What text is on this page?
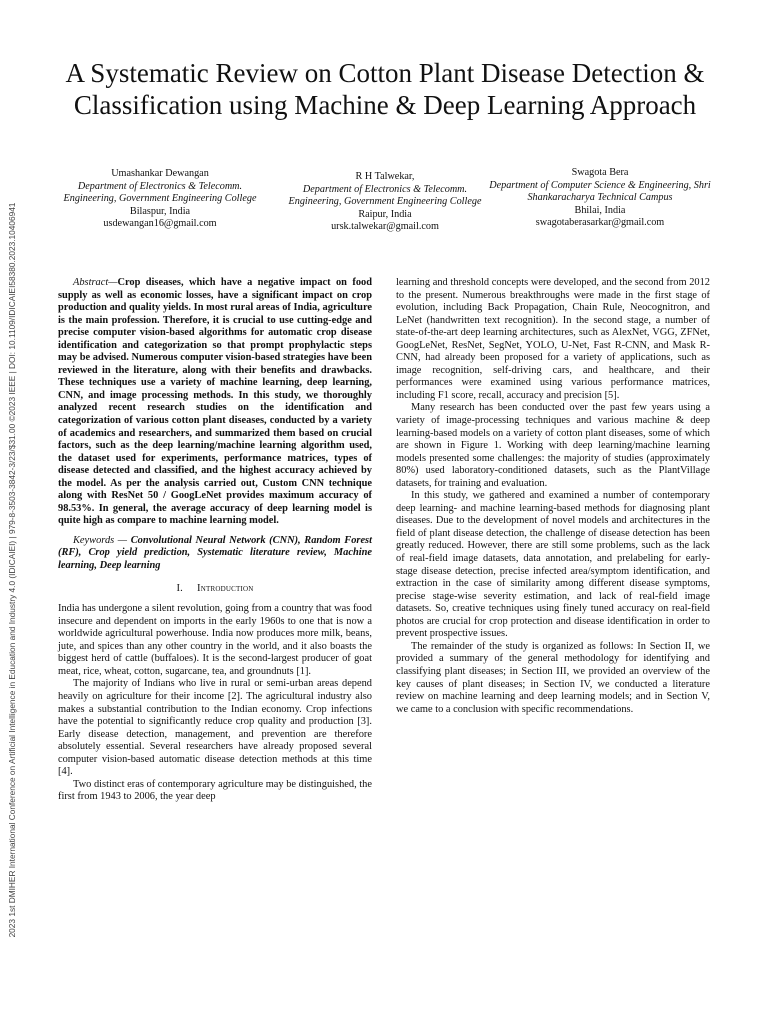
2023 1st DMIHER International Conference on Artificial Intelligence in Education and Industry 4.0 (IDICAIEI) | 979-8-3503-3842-3/23/$31.00 ©2023 IEEE | DOI: 10.1109/IDICAIEI58380.2023.10406941
A Systematic Review on Cotton Plant Disease Detection & Classification using Machine & Deep Learning Approach
Umashankar Dewangan
Department of Electronics & Telecomm. Engineering, Government Engineering College
Bilaspur, India
usdewangan16@gmail.com
R H Talwekar,
Department of Electronics & Telecomm. Engineering, Government Engineering College
Raipur, India
ursk.talwekar@gmail.com
Swagota Bera
Department of Computer Science & Engineering, Shri Shankaracharya Technical Campus
Bhilai, India
swagotaberasarkar@gmail.com

Abstract—Crop diseases, which have a negative impact on food supply as well as economic losses, have a significant impact on crop production and quality yields. In most rural areas of India, agriculture is the main profession. Therefore, it is crucial to use cutting-edge and precise computer vision-based algorithms for automatic crop disease identification and categorization so that prompt prophylactic steps may be advised. Numerous computer vision-based strategies have been reviewed in the literature, along with their benefits and drawbacks. These techniques use a variety of machine learning, deep learning, CNN, and image processing methods. In this study, we thoroughly analyzed recent research studies on the identification and categorization of various cotton plant diseases, conducted by a variety of academics and researchers, and summarized them based on crucial factors, such as the deep learning/machine learning algorithm used, the dataset used for experiments, performance matrices, types of disease detected and classified, and the highest accuracy achieved by the model. As per the analysis carried out, Custom CNN technique along with ResNet 50 / GoogLeNet provides maximum accuracy of 98.53%. In general, the average accuracy of deep learning model is quite high as compare to machine learning model.

Keywords — Convolutional Neural Network (CNN), Random Forest (RF), Crop yield prediction, Systematic literature review, Machine learning, Deep learning

I. Introduction

India has undergone a silent revolution, going from a country that was food insecure and dependent on imports in the early 1960s to one that is now a worldwide agricultural powerhouse. India now produces more milk, beans, jute, and spices than any other country in the world, and it also boasts the biggest herd of cattle (buffaloes). It is the second-largest producer of goat meat, rice, wheat, cotton, sugarcane, tea, and groundnuts [1].

The majority of Indians who live in rural or semi-urban areas depend heavily on agriculture for their income [2]. The agricultural industry also makes a substantial contribution to the Indian economy. Crop infections have the potential to significantly reduce crop quality and production [3]. Early disease detection, management, and prevention are therefore absolutely essential. Several researchers have already proposed several computer vision-based automatic disease detection methods at this time [4].

Two distinct eras of contemporary agriculture may be distinguished, the first from 1943 to 2006, the year deep

learning and threshold concepts were developed, and the second from 2012 to the present. Numerous breakthroughs were made in the first stage of evolution, including Back Propagation, Chain Rule, Neocognitron, and LeNet (handwritten text recognition). In the second stage, a number of state-of-the-art deep learning architectures, such as AlexNet, VGG, ZFNet, GoogLeNet, ResNet, SegNet, YOLO, U-Net, Fast R-CNN, and Mask R-CNN, had already been proposed for a variety of applications, such as image recognition, self-driving cars, and healthcare, and their performances were examined using various performance matrices, including F1 score, recall, accuracy and precision [5].

Many research has been conducted over the past few years using a variety of image-processing techniques and various machine & deep learning-based models on a variety of cotton plant diseases, some of which are shown in Figure 1. Working with deep learning/machine learning models presented some challenges: the majority of studies (approximately 80%) used laboratory-conditioned datasets, such as the PlantVillage datasets, for training and evaluation.

In this study, we gathered and examined a number of contemporary deep learning- and machine learning-based methods for diagnosing plant diseases. Due to the development of novel models and architectures in the field of plant disease detection, the challenge of disease detection has been greatly reduced. However, there are still some problems, such as the lack of real-field image datasets, data annotation, and prelabeling for early-stage disease detection, precise infected area/symptom identification, and extraction in the case of similarity among different disease symptoms, precise stage-wise severity estimation, and lack of real-field image datasets. So, creative techniques using finely tuned accuracy on real-field photos are crucial for crop protection and disease identification in order to prevent prospective issues.

The remainder of the study is organized as follows: In Section II, we provided a summary of the general methodology for identifying and classifying plant diseases; in Section III, we provided an overview of the key causes of plant diseases; in Section IV, we conducted a literature review on machine learning and deep learning models; and in Section V, we came to a conclusion with specific recommendations.
